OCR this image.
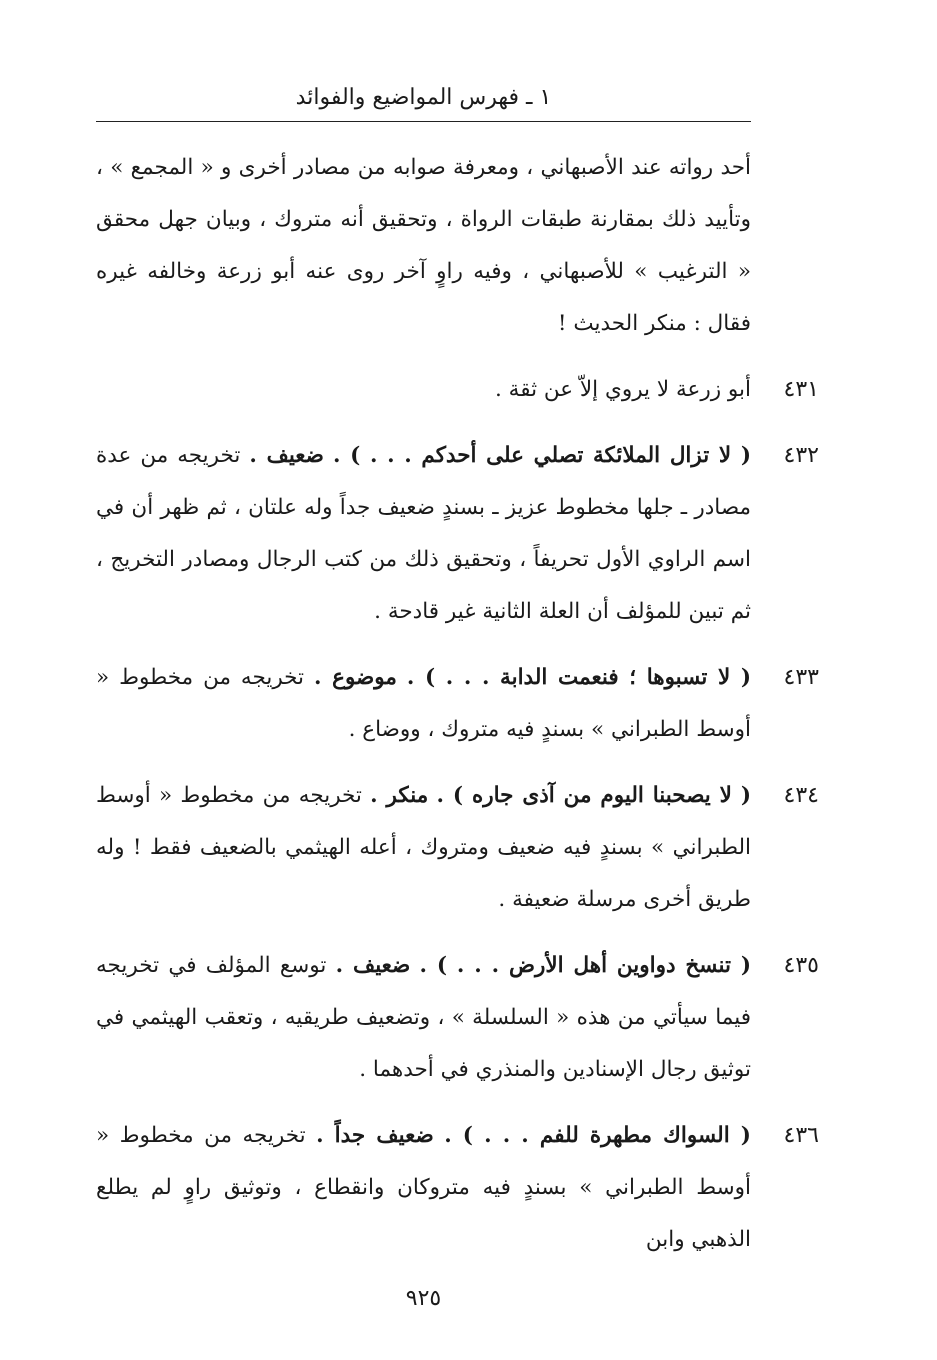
١ ـ فهرس المواضيع والفوائد

أحد رواته عند الأصبهاني ، ومعرفة صوابه من مصادر أخرى و « المجمع » ، وتأييد ذلك بمقارنة طبقات الرواة ، وتحقيق أنه متروك ، وبيان جهل محقق « الترغيب » للأصبهاني ، وفيه راوٍ آخر روى عنه أبو زرعة وخالفه غيره فقال : منكر الحديث !

٤٣١

أبو زرعة لا يروي إلاّ عن ثقة .

٤٣٢

( لا تزال الملائكة تصلي على أحدكم . . . ) . ضعيف . تخريجه من عدة مصادر ـ جلها مخطوط عزيز ـ بسندٍ ضعيف جداً وله علتان ، ثم ظهر أن في اسم الراوي الأول تحريفاً ، وتحقيق ذلك من كتب الرجال ومصادر التخريج ، ثم تبين للمؤلف أن العلة الثانية غير قادحة .

٤٣٣

( لا تسبوها ؛ فنعمت الدابة . . . ) . موضوع . تخريجه من مخطوط « أوسط الطبراني » بسندٍ فيه متروك ، ووضاع .

٤٣٤

( لا يصحبنا اليوم من آذى جاره ) . منكر . تخريجه من مخطوط « أوسط الطبراني » بسندٍ فيه ضعيف ومتروك ، أعله الهيثمي بالضعيف فقط ! وله طريق أخرى مرسلة ضعيفة .

٤٣٥

( تنسخ دواوين أهل الأرض . . . ) . ضعيف . توسع المؤلف في تخريجه فيما سيأتي من هذه « السلسلة » ، وتضعيف طريقيه ، وتعقب الهيثمي في توثيق رجال الإسنادين والمنذري في أحدهما .

٤٣٦

( السواك مطهرة للفم . . . ) . ضعيف جداً . تخريجه من مخطوط « أوسط الطبراني » بسندٍ فيه متروكان وانقطاع ، وتوثيق راوٍ لم يطلع الذهبي وابن

٩٢٥
